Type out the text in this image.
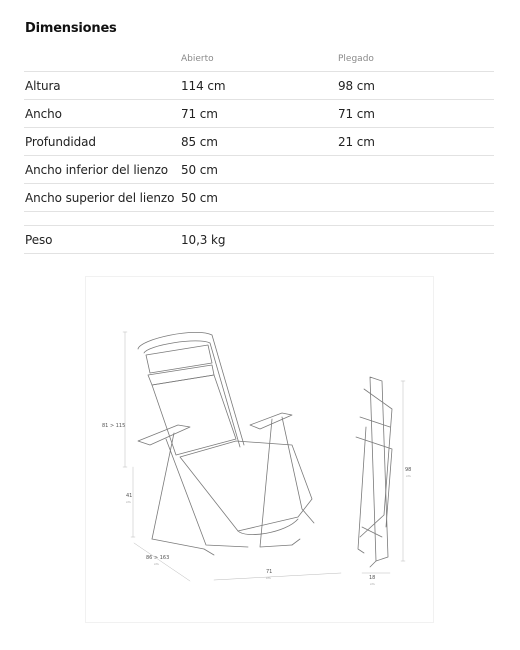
Dimensiones
Abierto	Plegado
Altura	114 cm	98 cm
Ancho	71 cm	71 cm
Profundidad	85 cm	21 cm
Ancho inferior del lienzo 50 cm
Ancho superior del lienzo 50 cm
Peso	10,3 kg
81 > 115
41
cm
86 > 163
cm
71
cm
98
cm
18
cm
